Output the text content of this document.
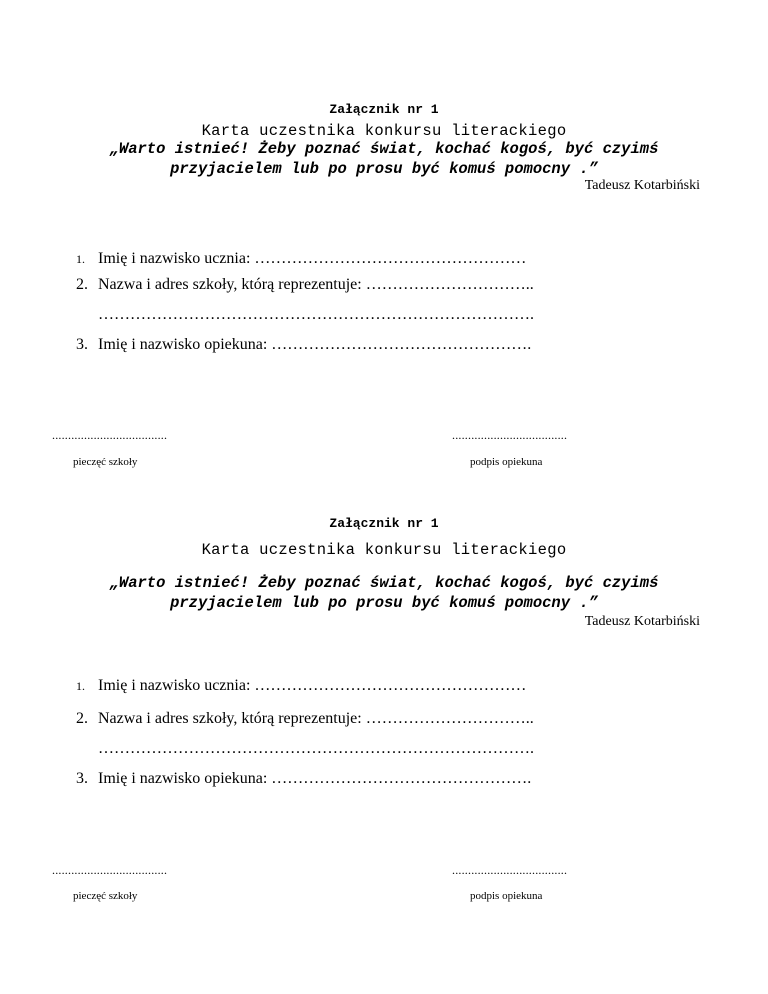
Załącznik nr 1
Karta uczestnika konkursu literackiego
„Warto istnieć! Żeby poznać świat, kochać kogoś, być czyimś
przyjacielem lub po prosu być komuś pomocny .”
Tadeusz Kotarbiński
1. Imię i nazwisko ucznia: ……………………………………………
2. Nazwa i adres szkoły, którą reprezentuje: …………………………..
……………………………………………………………………….
3. Imię i nazwisko opiekuna: ………………………………………….
....................................	....................................
pieczęć szkoły	podpis opiekuna
Załącznik nr 1
Karta uczestnika konkursu literackiego
„Warto istnieć! Żeby poznać świat, kochać kogoś, być czyimś
przyjacielem lub po prosu być komuś pomocny .”
Tadeusz Kotarbiński
1. Imię i nazwisko ucznia: ……………………………………………
2. Nazwa i adres szkoły, którą reprezentuje: …………………………..
……………………………………………………………………….
3. Imię i nazwisko opiekuna: ………………………………………….
....................................	....................................
pieczęć szkoły	podpis opiekuna
